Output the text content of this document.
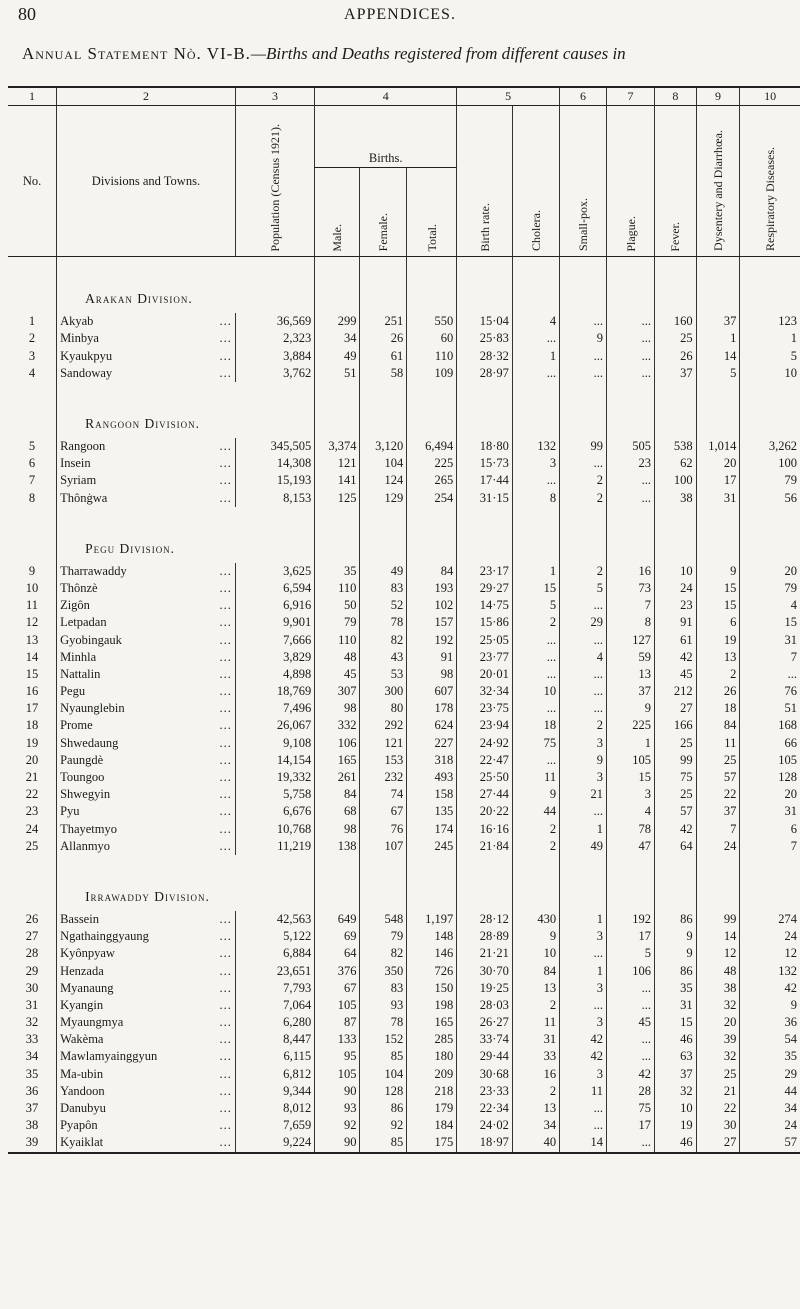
80	APPENDICES.
Annual Statement Nò. VI-B.—Births and Deaths registered from different causes in
1	2	3	4			5		6	7	8	9	10
No.	Divisions and Towns.	Population (Census 1921).	Births.			Birth rate.	Cholera.	Small-pox.	Plague.	Fever.	Dysentery and Diarrhœa.	Respiratory Diseases.
			Male.	Female.	Total.							
	Arakan Division.											
1	Akyab ...	36,569	299	251	550	15·04	4	...	...	160	37	123
2	Minbya ...	2,323	34	26	60	25·83	...	9	...	25	1	1
3	Kyaukpyu ...	3,884	49	61	110	28·32	1	...	...	26	14	5
4	Sandoway ...	3,762	51	58	109	28·97	...	...	...	37	5	10
	Rangoon Division.											
5	Rangoon ...	345,505	3,374	3,120	6,494	18·80	132	99	505	538	1,014	3,262
6	Insein ...	14,308	121	104	225	15·73	3	...	23	62	20	100
7	Syriam ...	15,193	141	124	265	17·44	...	2	...	100	17	79
8	Thônġwa ...	8,153	125	129	254	31·15	8	2	...	38	31	56
	Pegu Division.											
9	Tharrawaddy ...	3,625	35	49	84	23·17	1	2	16	10	9	20
10	Thônzè ...	6,594	110	83	193	29·27	15	5	73	24	15	79
11	Zigôn ...	6,916	50	52	102	14·75	5	...	7	23	15	4
12	Letpadan ...	9,901	79	78	157	15·86	2	29	8	91	6	15
13	Gyobingauk ...	7,666	110	82	192	25·05	...	...	127	61	19	31
14	Minhla ...	3,829	48	43	91	23·77	...	4	59	42	13	7
15	Nattalin ...	4,898	45	53	98	20·01	...	...	13	45	2	...
16	Pegu ...	18,769	307	300	607	32·34	10	...	37	212	26	76
17	Nyaunglebin ...	7,496	98	80	178	23·75	...	...	9	27	18	51
18	Prome ...	26,067	332	292	624	23·94	18	2	225	166	84	168
19	Shwedaung ...	9,108	106	121	227	24·92	75	3	1	25	11	66
20	Paungdè ...	14,154	165	153	318	22·47	...	9	105	99	25	105
21	Toungoo ...	19,332	261	232	493	25·50	11	3	15	75	57	128
22	Shwegyin ...	5,758	84	74	158	27·44	9	21	3	25	22	20
23	Pyu ...	6,676	68	67	135	20·22	44	...	4	57	37	31
24	Thayetmyo ...	10,768	98	76	174	16·16	2	1	78	42	7	6
25	Allanmyo ...	11,219	138	107	245	21·84	2	49	47	64	24	7
	Irrawaddy Division.											
26	Bassein ...	42,563	649	548	1,197	28·12	430	1	192	86	99	274
27	Ngathainggyaung ...	5,122	69	79	148	28·89	9	3	17	9	14	24
28	Kyônpyaw ...	6,884	64	82	146	21·21	10	...	5	9	12	12
29	Henzada ...	23,651	376	350	726	30·70	84	1	106	86	48	132
30	Myanaung ...	7,793	67	83	150	19·25	13	3	...	35	38	42
31	Kyangin ...	7,064	105	93	198	28·03	2	...	...	31	32	9
32	Myaungmya ...	6,280	87	78	165	26·27	11	3	45	15	20	36
33	Wakèma ...	8,447	133	152	285	33·74	31	42	...	46	39	54
34	Mawlamyainggyun ...	6,115	95	85	180	29·44	33	42	...	63	32	35
35	Ma-ubin ...	6,812	105	104	209	30·68	16	3	42	37	25	29
36	Yandoon ...	9,344	90	128	218	23·33	2	11	28	32	21	44
37	Danubyu ...	8,012	93	86	179	22·34	13	...	75	10	22	34
38	Pyapôn ...	7,659	92	92	184	24·02	34	...	17	19	30	24
39	Kyaiklat ...	9,224	90	85	175	18·97	40	14	...	46	27	57
